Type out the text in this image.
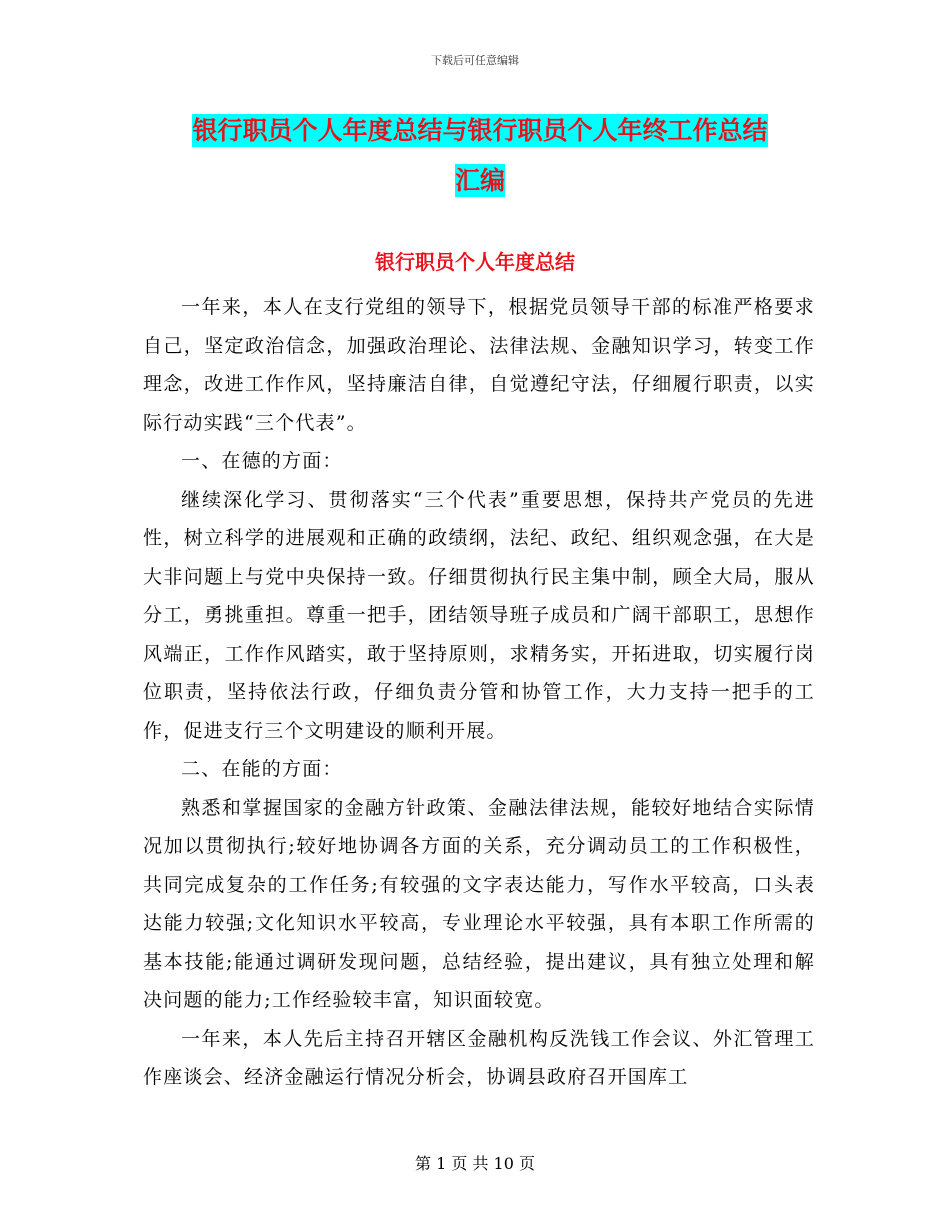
下载后可任意编辑
银行职员个人年度总结与银行职员个人年终工作总结
汇编
银行职员个人年度总结

一年来，本人在支行党组的领导下，根据党员领导干部的标准严格要求自己，坚定政治信念，加强政治理论、法律法规、金融知识学习，转变工作理念，改进工作作风，坚持廉洁自律，自觉遵纪守法，仔细履行职责，以实际行动实践“三个代表”。

一、在德的方面：

继续深化学习、贯彻落实“三个代表”重要思想，保持共产党员的先进性，树立科学的进展观和正确的政绩纲，法纪、政纪、组织观念强，在大是大非问题上与党中央保持一致。仔细贯彻执行民主集中制，顾全大局，服从分工，勇挑重担。尊重一把手，团结领导班子成员和广阔干部职工，思想作风端正，工作作风踏实，敢于坚持原则，求精务实，开拓进取，切实履行岗位职责，坚持依法行政，仔细负责分管和协管工作，大力支持一把手的工作，促进支行三个文明建设的顺利开展。

二、在能的方面：

熟悉和掌握国家的金融方针政策、金融法律法规，能较好地结合实际情况加以贯彻执行;较好地协调各方面的关系，充分调动员工的工作积极性，共同完成复杂的工作任务;有较强的文字表达能力，写作水平较高，口头表达能力较强;文化知识水平较高，专业理论水平较强，具有本职工作所需的基本技能;能通过调研发现问题，总结经验，提出建议，具有独立处理和解决问题的能力;工作经验较丰富，知识面较宽。

一年来，本人先后主持召开辖区金融机构反洗钱工作会议、外汇管理工作座谈会、经济金融运行情况分析会，协调县政府召开国库工

第 1 页 共 10 页
